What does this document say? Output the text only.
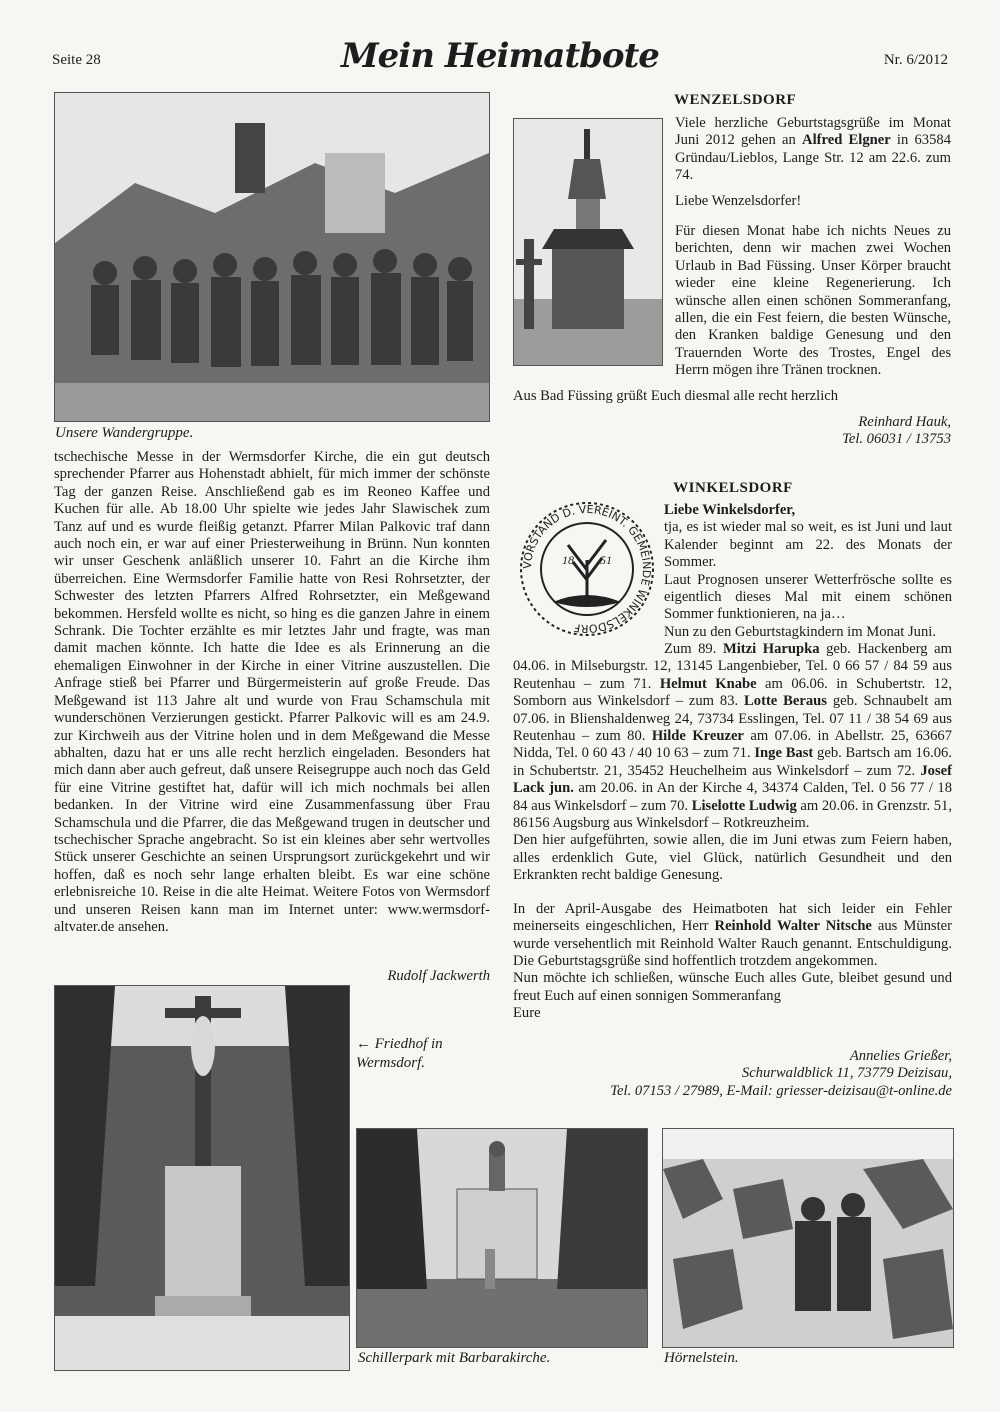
Seite 28	Mein Heimatbote	Nr. 6/2012
Unsere Wandergruppe.

tschechische Messe in der Wermsdorfer Kirche, die ein gut deutsch sprechender Pfarrer aus Hohenstadt abhielt, für mich immer der schönste Tag der ganzen Reise. Anschließend gab es im Reoneo Kaffee und Kuchen für alle. Ab 18.00 Uhr spielte wie jedes Jahr Slawischek zum Tanz auf und es wurde fleißig getanzt. Pfarrer Milan Palkovic traf dann auch noch ein, er war auf einer Priesterweihung in Brünn. Nun konnten wir unser Geschenk anläßlich unserer 10. Fahrt an die Kirche ihm überreichen. Eine Wermsdorfer Familie hatte von Resi Rohrsetzter, der Schwester des letzten Pfarrers Alfred Rohrsetzter, ein Meßgewand bekommen. Hersfeld wollte es nicht, so hing es die ganzen Jahre in einem Schrank. Die Tochter erzählte es mir letztes Jahr und fragte, was man damit machen könnte. Ich hatte die Idee es als Erinnerung an die ehemaligen Einwohner in der Kirche in einer Vitrine auszustellen. Die Anfrage stieß bei Pfarrer und Bürgermeisterin auf große Freude. Das Meßgewand ist 113 Jahre alt und wurde von Frau Schamschula mit wunderschönen Verzierungen gestickt. Pfarrer Palkovic will es am 24.9. zur Kirchweih aus der Vitrine holen und in dem Meßgewand die Messe abhalten, dazu hat er uns alle recht herzlich eingeladen. Besonders hat mich dann aber auch gefreut, daß unsere Reisegruppe auch noch das Geld für eine Vitrine gestiftet hat, dafür will ich mich nochmals bei allen bedanken. In der Vitrine wird eine Zusammenfassung über Frau Schamschula und die Pfarrer, die das Meßgewand trugen in deutscher und tschechischer Sprache angebracht. So ist ein kleines aber sehr wertvolles Stück unserer Geschichte an seinen Ursprungsort zurückgekehrt und wir hoffen, daß es noch sehr lange erhalten bleibt. Es war eine schöne erlebnisreiche 10. Reise in die alte Heimat. Weitere Fotos von Wermsdorf und unseren Reisen kann man im Internet unter: www.wermsdorf-altvater.de ansehen.

Rudolf Jackwerth
← Friedhof in Wermsdorf.
WENZELSDORF

Viele herzliche Geburtstagsgrüße im Monat Juni 2012 gehen an Alfred Elgner in 63584 Gründau/Lieblos, Lange Str. 12 am 22.6. zum 74.

Liebe Wenzelsdorfer!

Für diesen Monat habe ich nichts Neues zu berichten, denn wir machen zwei Wochen Urlaub in Bad Füssing. Unser Körper braucht wieder eine kleine Regenerierung. Ich wünsche allen einen schönen Sommeranfang, allen, die ein Fest feiern, die besten Wünsche, den Kranken baldige Genesung und den Trauernden Worte des Trostes, Engel des Herrn mögen ihre Tränen trocknen.

Aus Bad Füssing grüßt Euch diesmal alle recht herzlich

Reinhard Hauk,
Tel. 06031 / 13753
WINKELSDORF
VORSTAND D. VEREINT. GEMEINDE WINKELSDORF
18 51

Liebe Winkelsdorfer,

tja, es ist wieder mal so weit, es ist Juni und laut Kalender beginnt am 22. des Monats der Sommer.

Laut Prognosen unserer Wetterfrösche sollte es eigentlich dieses Mal mit einem schönen Sommer funktionieren, na ja…

Nun zu den Geburtstagkindern im Monat Juni.

Zum 89. Mitzi Harupka geb. Hackenberg am 04.06. in Milseburgstr. 12, 13145 Langenbieber, Tel. 0 66 57 / 84 59 aus Reutenhau – zum 71. Helmut Knabe am 06.06. in Schubertstr. 12, Somborn aus Winkelsdorf – zum 83. Lotte Beraus geb. Schnaubelt am 07.06. in Blienshaldenweg 24, 73734 Esslingen, Tel. 07 11 / 38 54 69 aus Reutenhau – zum 80. Hilde Kreuzer am 07.06. in Abellstr. 25, 63667 Nidda, Tel. 0 60 43 / 40 10 63 – zum 71. Inge Bast geb. Bartsch am 16.06. in Schubertstr. 21, 35452 Heuchelheim aus Winkelsdorf – zum 72. Josef Lack jun. am 20.06. in An der Kirche 4, 34374 Calden, Tel. 0 56 77 / 18 84 aus Winkelsdorf – zum 70. Liselotte Ludwig am 20.06. in Grenzstr. 51, 86156 Augsburg aus Winkelsdorf – Rotkreuzheim.

Den hier aufgeführten, sowie allen, die im Juni etwas zum Feiern haben, alles erdenklich Gute, viel Glück, natürlich Gesundheit und den Erkrankten recht baldige Genesung.

In der April-Ausgabe des Heimatboten hat sich leider ein Fehler meinerseits eingeschlichen, Herr Reinhold Walter Nitsche aus Münster wurde versehentlich mit Reinhold Walter Rauch genannt. Entschuldigung. Die Geburtstagsgrüße sind hoffentlich trotzdem angekommen.

Nun möchte ich schließen, wünsche Euch alles Gute, bleibet gesund und freut Euch auf einen sonnigen Sommeranfang

Eure

Annelies Grießer,
Schurwaldblick 11, 73779 Deizisau,
Tel. 07153 / 27989, E-Mail: griesser-deizisau@t-online.de
Schillerpark mit Barbarakirche.	Hörnelstein.
